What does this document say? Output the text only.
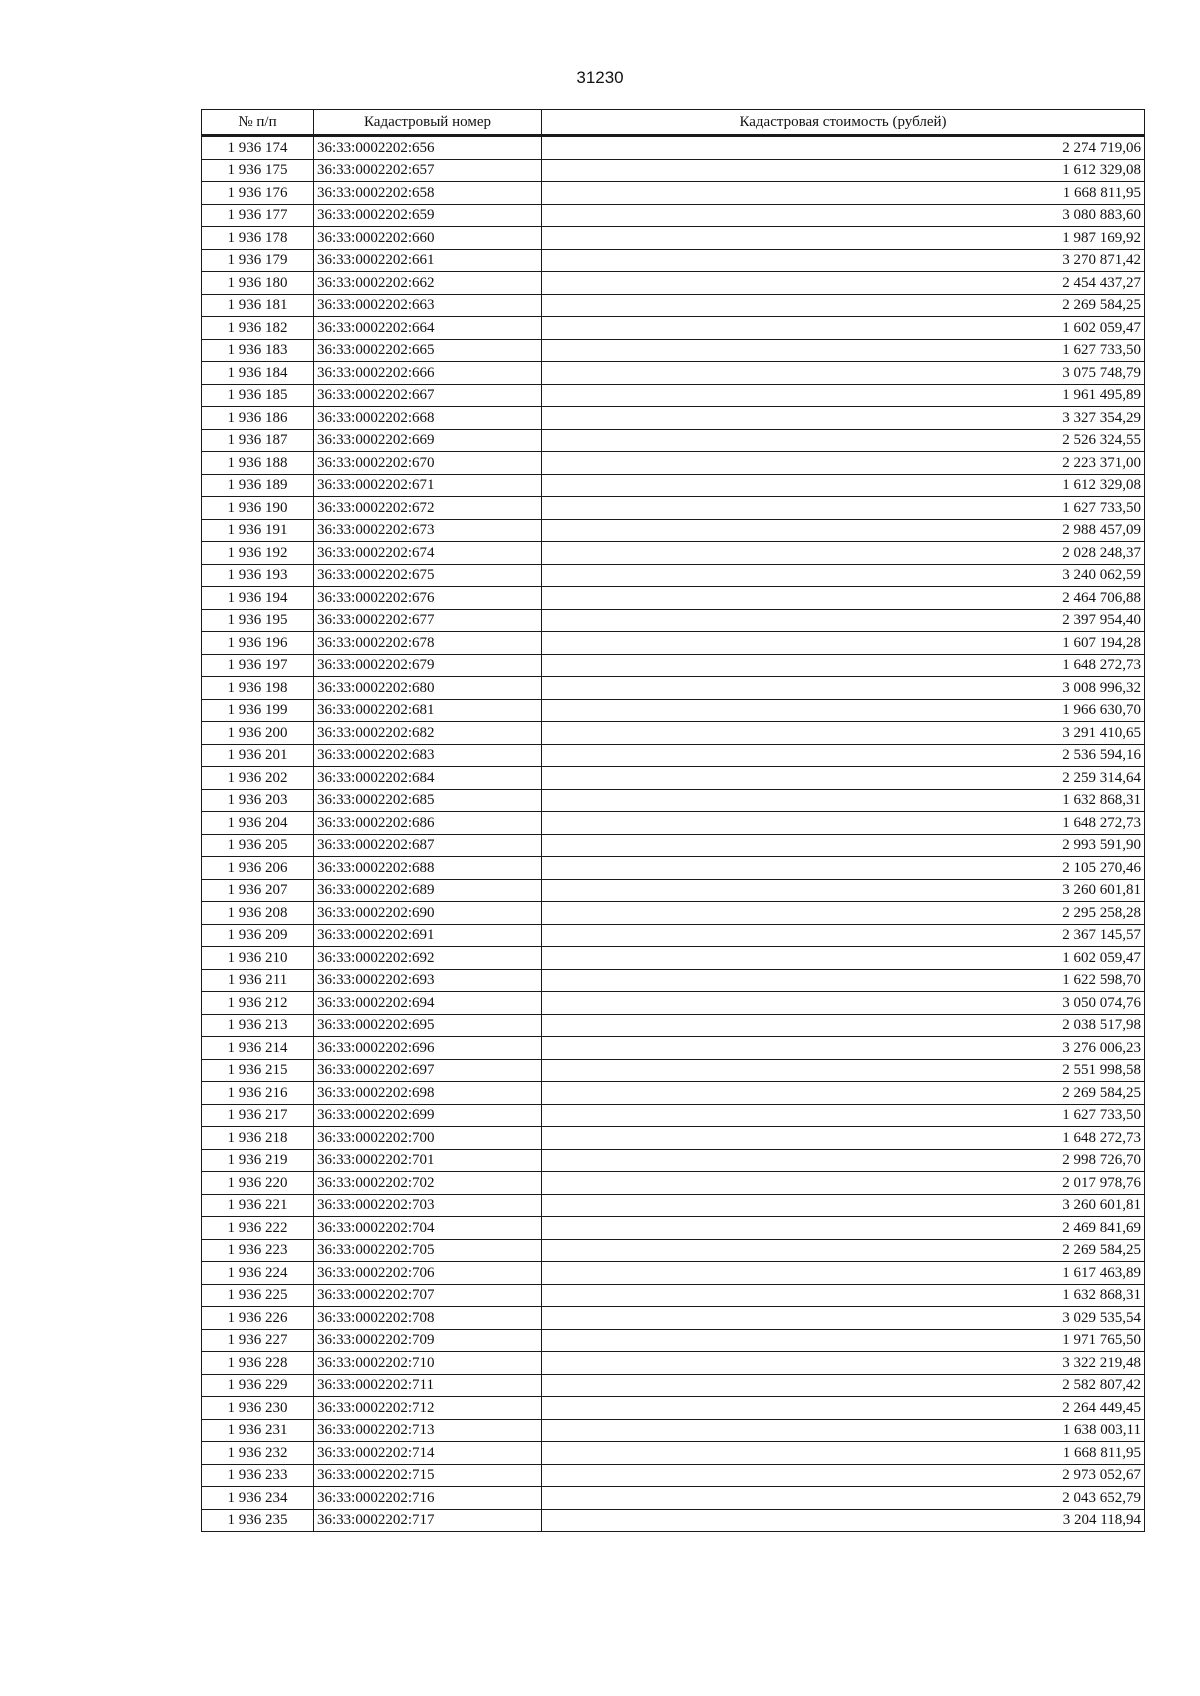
31230
№ п/п	Кадастровый номер	Кадастровая стоимость (рублей)
1 936 174	36:33:0002202:656	2 274 719,06
1 936 175	36:33:0002202:657	1 612 329,08
1 936 176	36:33:0002202:658	1 668 811,95
1 936 177	36:33:0002202:659	3 080 883,60
1 936 178	36:33:0002202:660	1 987 169,92
1 936 179	36:33:0002202:661	3 270 871,42
1 936 180	36:33:0002202:662	2 454 437,27
1 936 181	36:33:0002202:663	2 269 584,25
1 936 182	36:33:0002202:664	1 602 059,47
1 936 183	36:33:0002202:665	1 627 733,50
1 936 184	36:33:0002202:666	3 075 748,79
1 936 185	36:33:0002202:667	1 961 495,89
1 936 186	36:33:0002202:668	3 327 354,29
1 936 187	36:33:0002202:669	2 526 324,55
1 936 188	36:33:0002202:670	2 223 371,00
1 936 189	36:33:0002202:671	1 612 329,08
1 936 190	36:33:0002202:672	1 627 733,50
1 936 191	36:33:0002202:673	2 988 457,09
1 936 192	36:33:0002202:674	2 028 248,37
1 936 193	36:33:0002202:675	3 240 062,59
1 936 194	36:33:0002202:676	2 464 706,88
1 936 195	36:33:0002202:677	2 397 954,40
1 936 196	36:33:0002202:678	1 607 194,28
1 936 197	36:33:0002202:679	1 648 272,73
1 936 198	36:33:0002202:680	3 008 996,32
1 936 199	36:33:0002202:681	1 966 630,70
1 936 200	36:33:0002202:682	3 291 410,65
1 936 201	36:33:0002202:683	2 536 594,16
1 936 202	36:33:0002202:684	2 259 314,64
1 936 203	36:33:0002202:685	1 632 868,31
1 936 204	36:33:0002202:686	1 648 272,73
1 936 205	36:33:0002202:687	2 993 591,90
1 936 206	36:33:0002202:688	2 105 270,46
1 936 207	36:33:0002202:689	3 260 601,81
1 936 208	36:33:0002202:690	2 295 258,28
1 936 209	36:33:0002202:691	2 367 145,57
1 936 210	36:33:0002202:692	1 602 059,47
1 936 211	36:33:0002202:693	1 622 598,70
1 936 212	36:33:0002202:694	3 050 074,76
1 936 213	36:33:0002202:695	2 038 517,98
1 936 214	36:33:0002202:696	3 276 006,23
1 936 215	36:33:0002202:697	2 551 998,58
1 936 216	36:33:0002202:698	2 269 584,25
1 936 217	36:33:0002202:699	1 627 733,50
1 936 218	36:33:0002202:700	1 648 272,73
1 936 219	36:33:0002202:701	2 998 726,70
1 936 220	36:33:0002202:702	2 017 978,76
1 936 221	36:33:0002202:703	3 260 601,81
1 936 222	36:33:0002202:704	2 469 841,69
1 936 223	36:33:0002202:705	2 269 584,25
1 936 224	36:33:0002202:706	1 617 463,89
1 936 225	36:33:0002202:707	1 632 868,31
1 936 226	36:33:0002202:708	3 029 535,54
1 936 227	36:33:0002202:709	1 971 765,50
1 936 228	36:33:0002202:710	3 322 219,48
1 936 229	36:33:0002202:711	2 582 807,42
1 936 230	36:33:0002202:712	2 264 449,45
1 936 231	36:33:0002202:713	1 638 003,11
1 936 232	36:33:0002202:714	1 668 811,95
1 936 233	36:33:0002202:715	2 973 052,67
1 936 234	36:33:0002202:716	2 043 652,79
1 936 235	36:33:0002202:717	3 204 118,94
